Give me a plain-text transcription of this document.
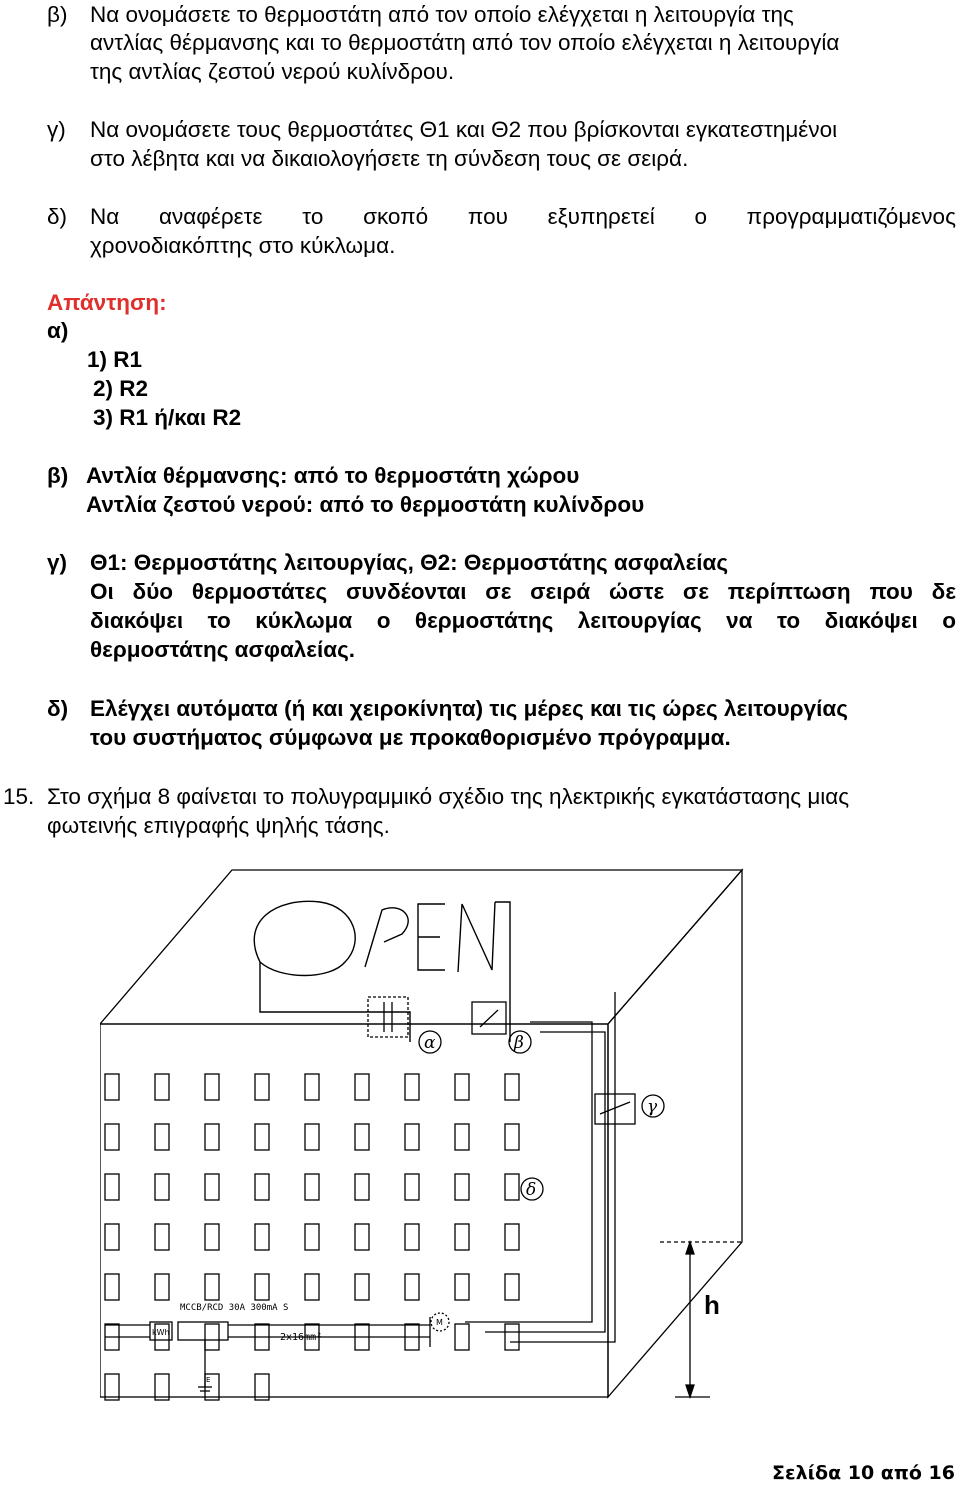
β) Να ονομάσετε το θερμοστάτη από τον οποίο ελέγχεται η λειτουργία της
αντλίας θέρμανσης και το θερμοστάτη από τον οποίο ελέγχεται η λειτουργία
της αντλίας ζεστού νερού κυλίνδρου.
γ) Να ονομάσετε τους θερμοστάτες Θ1 και Θ2 που βρίσκονται εγκατεστημένοι
στο λέβητα και να δικαιολογήσετε τη σύνδεση τους σε σειρά.
δ) Να αναφέρετε το σκοπό που εξυπηρετεί ο προγραμματιζόμενος
χρονοδιακόπτης στο κύκλωμα.
Απάντηση:
α)
1) R1
2) R2
3) R1 ή/και R2
β) Αντλία θέρμανσης: από το θερμοστάτη χώρου
Αντλία ζεστού νερού: από το θερμοστάτη κυλίνδρου
γ) Θ1: Θερμοστάτης λειτουργίας, Θ2: Θερμοστάτης ασφαλείας
Οι δύο θερμοστάτες συνδέονται σε σειρά ώστε σε περίπτωση που δε
διακόψει το κύκλωμα ο θερμοστάτης λειτουργίας να το διακόψει ο
θερμοστάτης ασφαλείας.
δ) Ελέγχει αυτόματα (ή και χειροκίνητα) τις μέρες και τις ώρες λειτουργίας
του συστήματος σύμφωνα με προκαθορισμένο πρόγραμμα.
15. Στο σχήμα 8 φαίνεται το πολυγραμμικό σχέδιο της ηλεκτρικής εγκατάστασης μιας
φωτεινής επιγραφής ψηλής τάσης.
α	β
γ
δ
kWh
MCCB/RCD 30A 300mA S
2x16mm²
M
E
h
Σελίδα 10 από 16
